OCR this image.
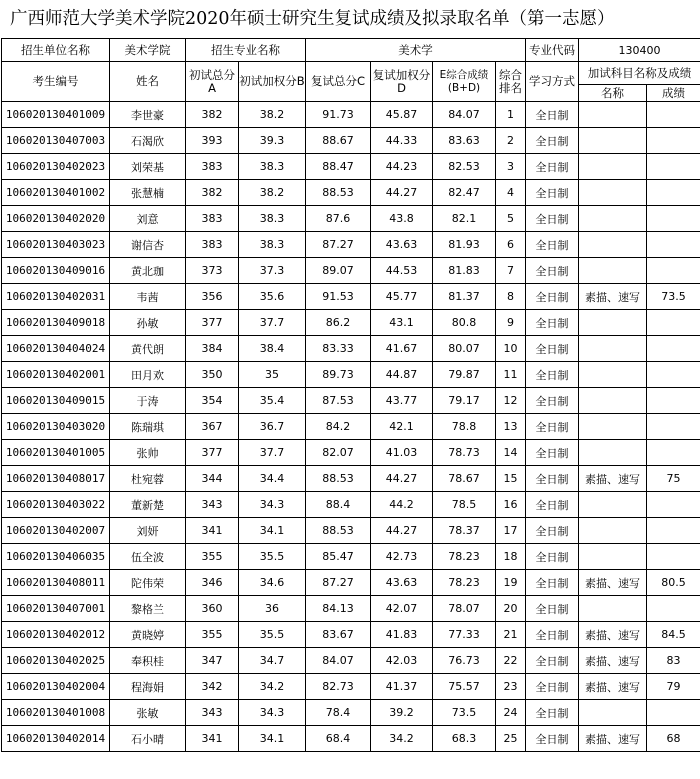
广西师范大学美术学院2020年硕士研究生复试成绩及拟录取名单（第一志愿）
招生单位名称	美术学院	招生专业名称		美术学				专业代码	130400	
考生编号	姓名	初试总分A	初试加权分B	复试总分C	复试加权分D	E综合成绩(B+D)	综合排名	学习方式	加试科目名称及成绩	
									名称	成绩
106020130401009	李世豪	382	38.2	91.73	45.87	84.07	1	全日制		
106020130407003	石渴欣	393	39.3	88.67	44.33	83.63	2	全日制		
106020130402023	刘荣基	383	38.3	88.47	44.23	82.53	3	全日制		
106020130401002	张慧楠	382	38.2	88.53	44.27	82.47	4	全日制		
106020130402020	刘意	383	38.3	87.6	43.8	82.1	5	全日制		
106020130403023	谢信杏	383	38.3	87.27	43.63	81.93	6	全日制		
106020130409016	黄北珈	373	37.3	89.07	44.53	81.83	7	全日制		
106020130402031	韦茜	356	35.6	91.53	45.77	81.37	8	全日制	素描、速写	73.5
106020130409018	孙敏	377	37.7	86.2	43.1	80.8	9	全日制		
106020130404024	黄代朗	384	38.4	83.33	41.67	80.07	10	全日制		
106020130402001	田月欢	350	35	89.73	44.87	79.87	11	全日制		
106020130409015	于涛	354	35.4	87.53	43.77	79.17	12	全日制		
106020130403020	陈瑞琪	367	36.7	84.2	42.1	78.8	13	全日制		
106020130401005	张帅	377	37.7	82.07	41.03	78.73	14	全日制		
106020130408017	杜宛蓉	344	34.4	88.53	44.27	78.67	15	全日制	素描、速写	75
106020130403022	董新楚	343	34.3	88.4	44.2	78.5	16	全日制		
106020130402007	刘妍	341	34.1	88.53	44.27	78.37	17	全日制		
106020130406035	伍全波	355	35.5	85.47	42.73	78.23	18	全日制		
106020130408011	陀伟荣	346	34.6	87.27	43.63	78.23	19	全日制	素描、速写	80.5
106020130407001	黎格兰	360	36	84.13	42.07	78.07	20	全日制		
106020130402012	黄晓婷	355	35.5	83.67	41.83	77.33	21	全日制	素描、速写	84.5
106020130402025	奉积桂	347	34.7	84.07	42.03	76.73	22	全日制	素描、速写	83
106020130402004	程海娟	342	34.2	82.73	41.37	75.57	23	全日制	素描、速写	79
106020130401008	张敏	343	34.3	78.4	39.2	73.5	24	全日制		
106020130402014	石小晴	341	34.1	68.4	34.2	68.3	25	全日制	素描、速写	68
